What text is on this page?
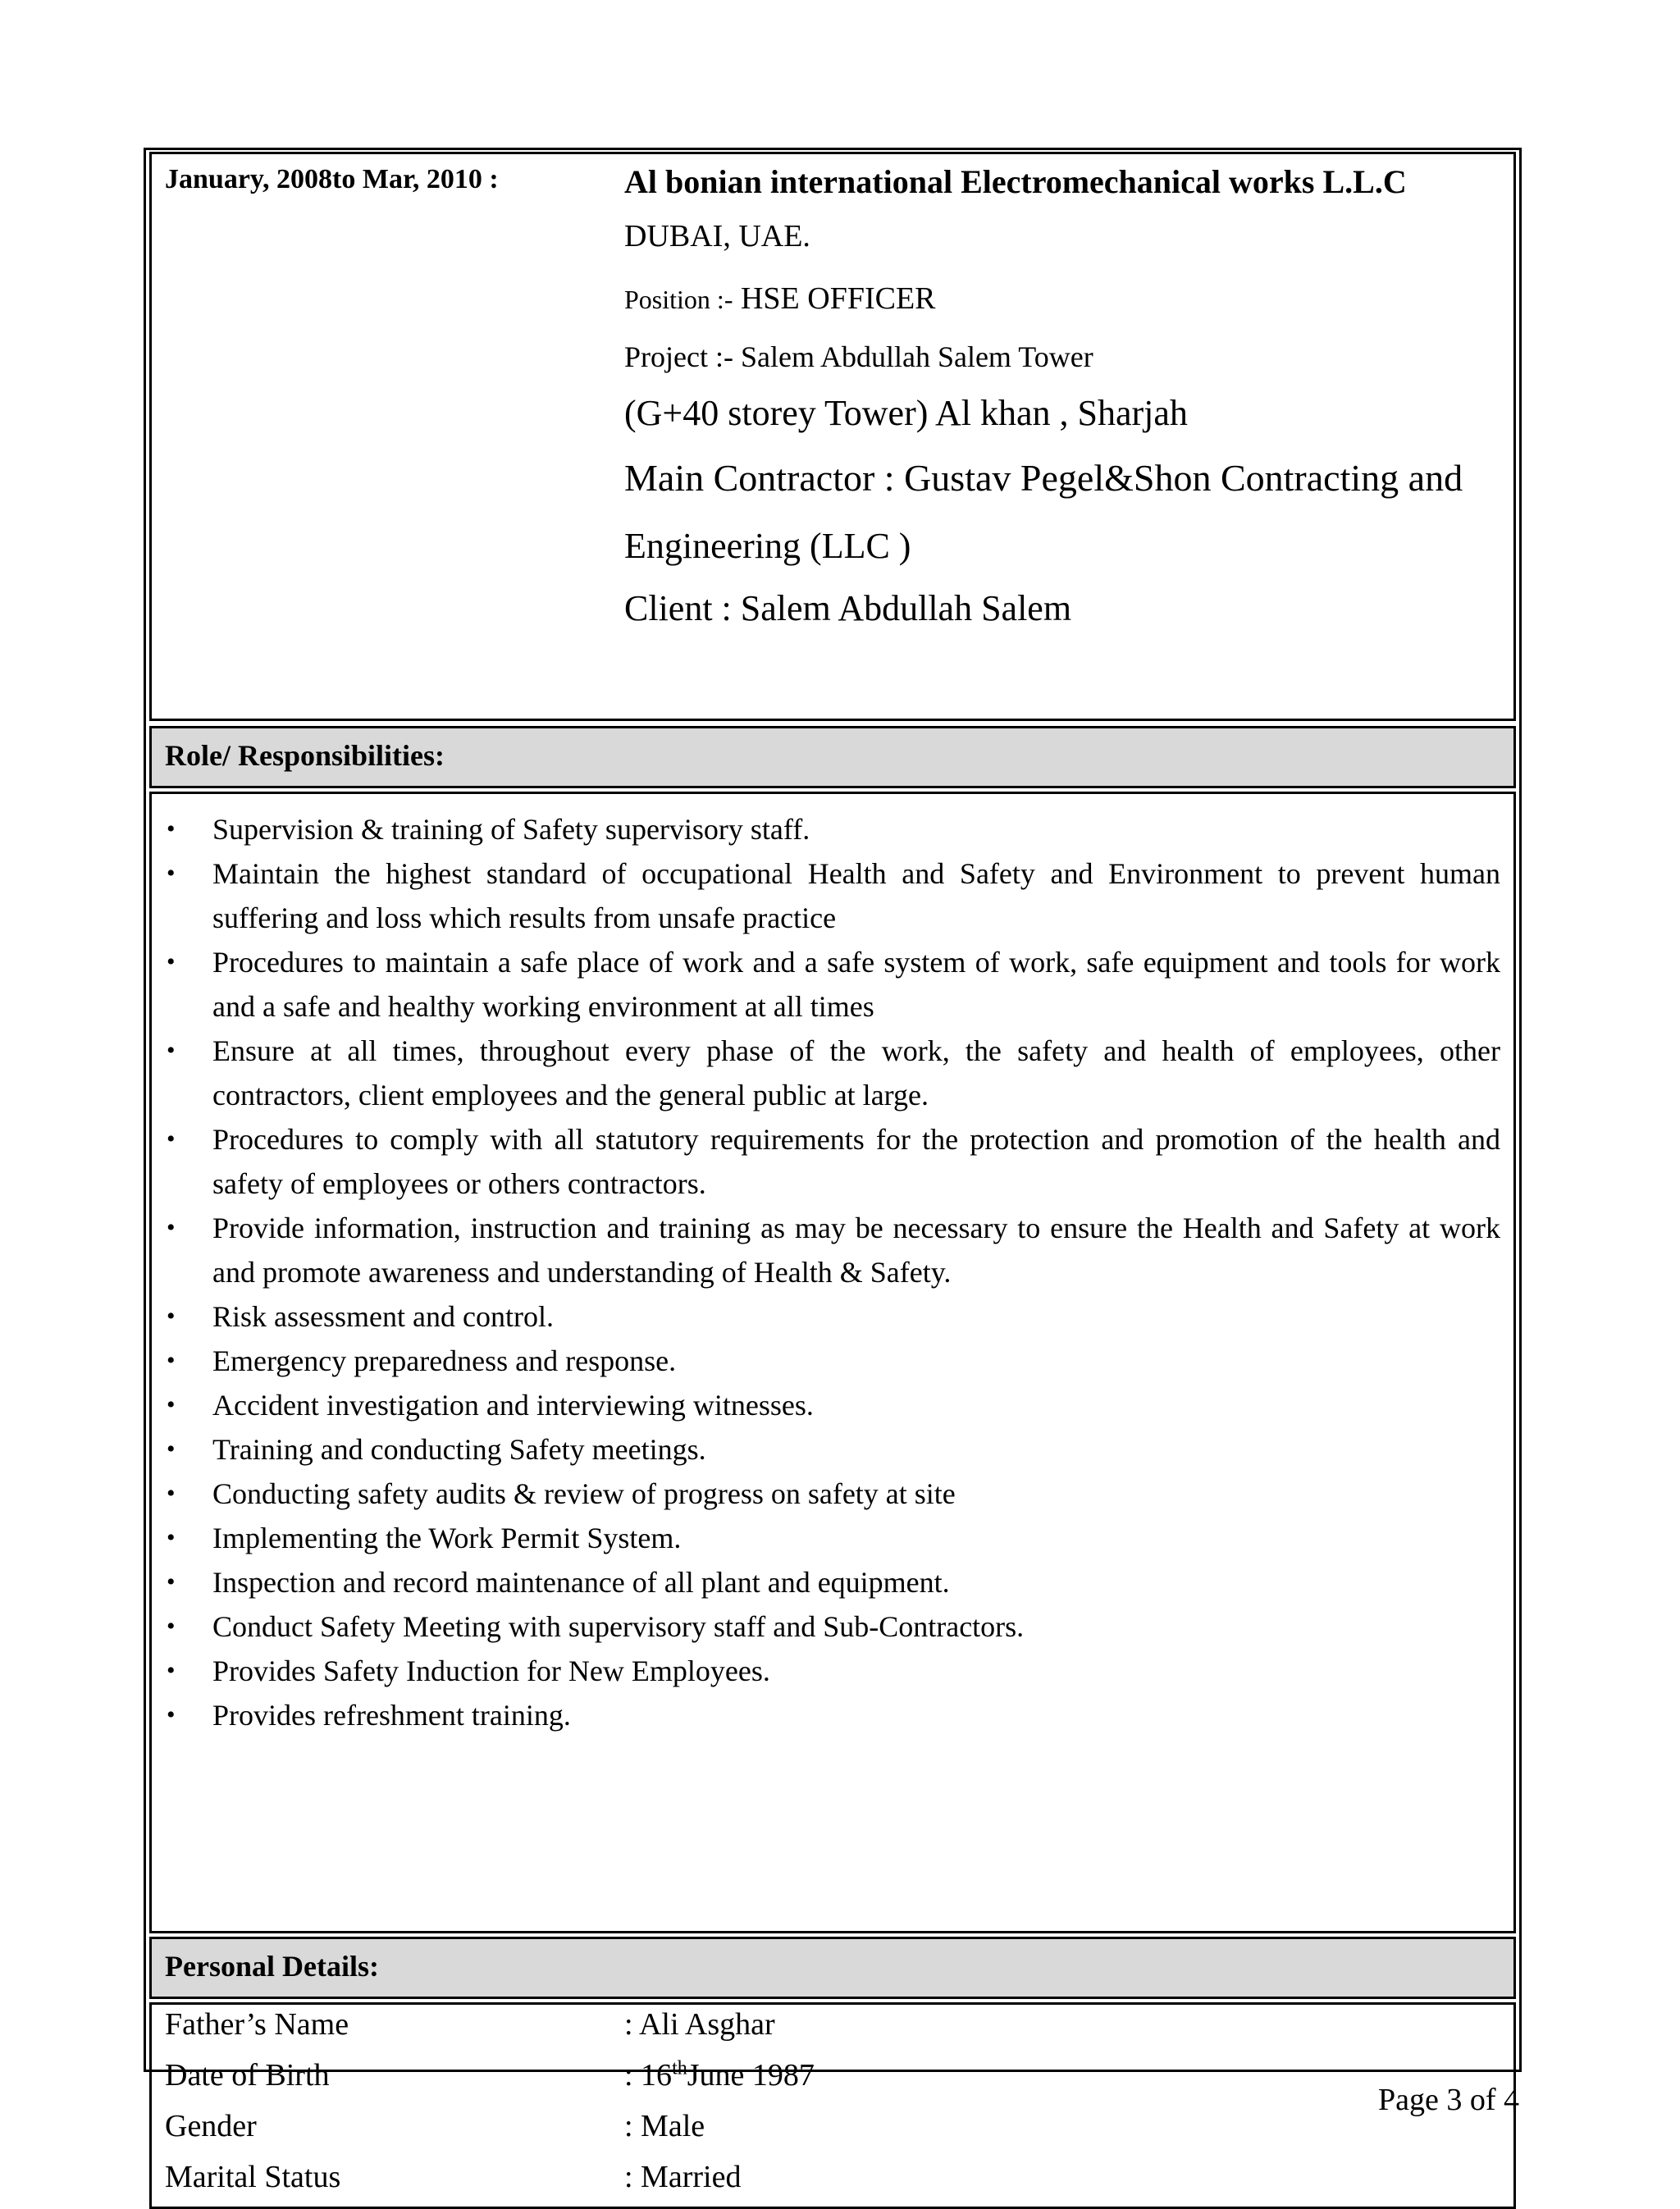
January, 2008to Mar, 2010 :	Al bonian international Electromechanical works L.L.C
DUBAI, UAE.
Position :- HSE OFFICER
Project :- Salem Abdullah Salem Tower
(G+40 storey Tower) Al khan , Sharjah
Main Contractor : Gustav Pegel&Shon Contracting and
Engineering (LLC )
Client : Salem Abdullah Salem
Role/ Responsibilities:
• Supervision & training of Safety supervisory staff.
• Maintain the highest standard of occupational Health and Safety and Environment to prevent human suffering and loss which results from unsafe practice
• Procedures to maintain a safe place of work and a safe system of work, safe equipment and tools for work and a safe and healthy working environment at all times
• Ensure at all times, throughout every phase of the work, the safety and health of employees, other contractors, client employees and the general public at large.
• Procedures to comply with all statutory requirements for the protection and promotion of the health and safety of employees or others contractors.
• Provide information, instruction and training as may be necessary to ensure the Health and Safety at work and promote awareness and understanding of Health & Safety.
• Risk assessment and control.
• Emergency preparedness and response.
• Accident investigation and interviewing witnesses.
• Training and conducting Safety meetings.
• Conducting safety audits & review of progress on safety at site
• Implementing the Work Permit System.
• Inspection and record maintenance of all plant and equipment.
• Conduct Safety Meeting with supervisory staff and Sub-Contractors.
• Provides Safety Induction for New Employees.
• Provides refreshment training.
Personal Details:
Father’s Name	: Ali Asghar
Date of Birth	: 16thJune 1987
Gender	: Male
Marital Status	: Married
Page 3 of 4
